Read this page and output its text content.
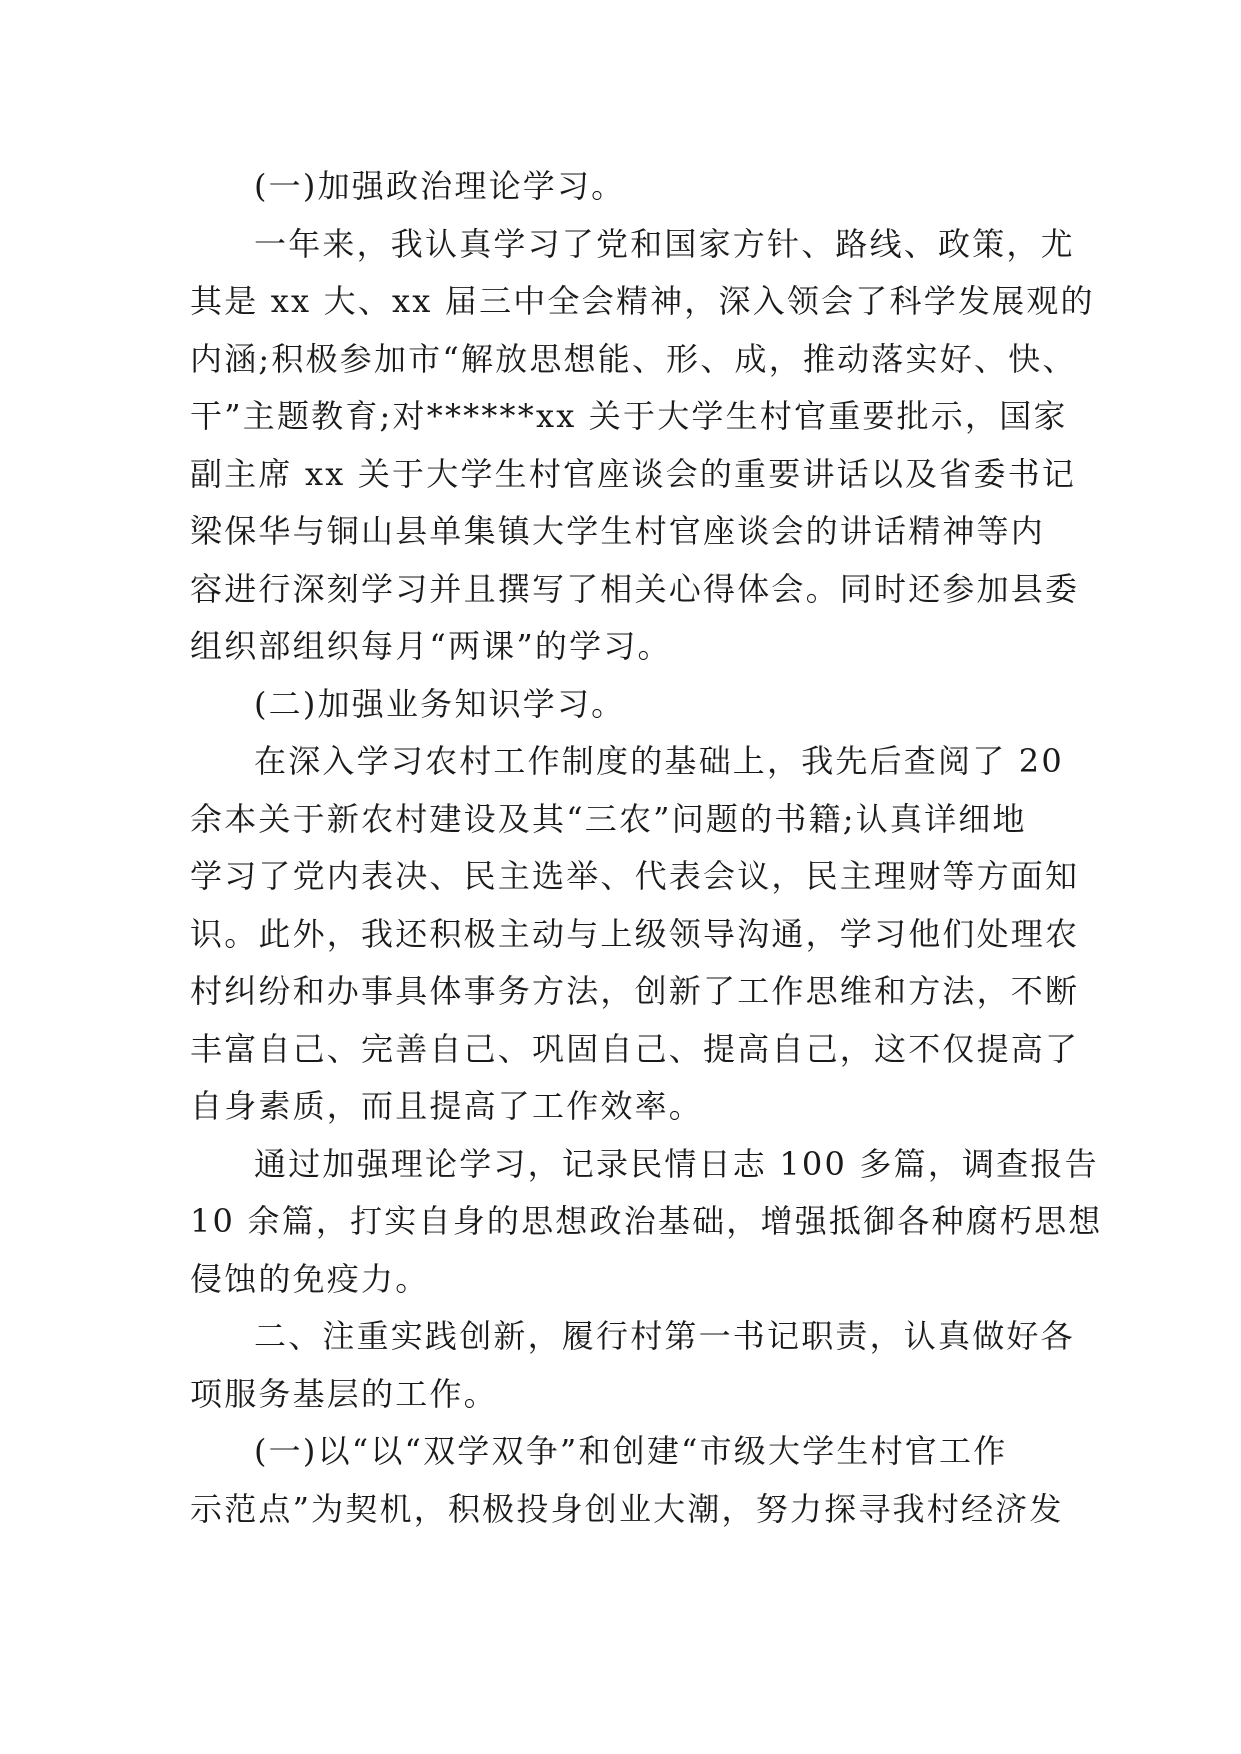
(一)加强政治理论学习。

一年来，我认真学习了党和国家方针、路线、政策，尤
其是 xx 大、xx 届三中全会精神，深入领会了科学发展观的
内涵;积极参加市“解放思想能、形、成，推动落实好、快、
干”主题教育;对******xx 关于大学生村官重要批示，国家
副主席 xx 关于大学生村官座谈会的重要讲话以及省委书记
梁保华与铜山县单集镇大学生村官座谈会的讲话精神等内
容进行深刻学习并且撰写了相关心得体会。同时还参加县委
组织部组织每月“两课”的学习。

(二)加强业务知识学习。

在深入学习农村工作制度的基础上，我先后查阅了 20
余本关于新农村建设及其“三农”问题的书籍;认真详细地
学习了党内表决、民主选举、代表会议，民主理财等方面知
识。此外，我还积极主动与上级领导沟通，学习他们处理农
村纠纷和办事具体事务方法，创新了工作思维和方法，不断
丰富自己、完善自己、巩固自己、提高自己，这不仅提高了
自身素质，而且提高了工作效率。

通过加强理论学习，记录民情日志 100 多篇，调查报告
10 余篇，打实自身的思想政治基础，增强抵御各种腐朽思想
侵蚀的免疫力。

二、注重实践创新，履行村第一书记职责，认真做好各
项服务基层的工作。

(一)以“以“双学双争”和创建“市级大学生村官工作
示范点”为契机，积极投身创业大潮，努力探寻我村经济发
